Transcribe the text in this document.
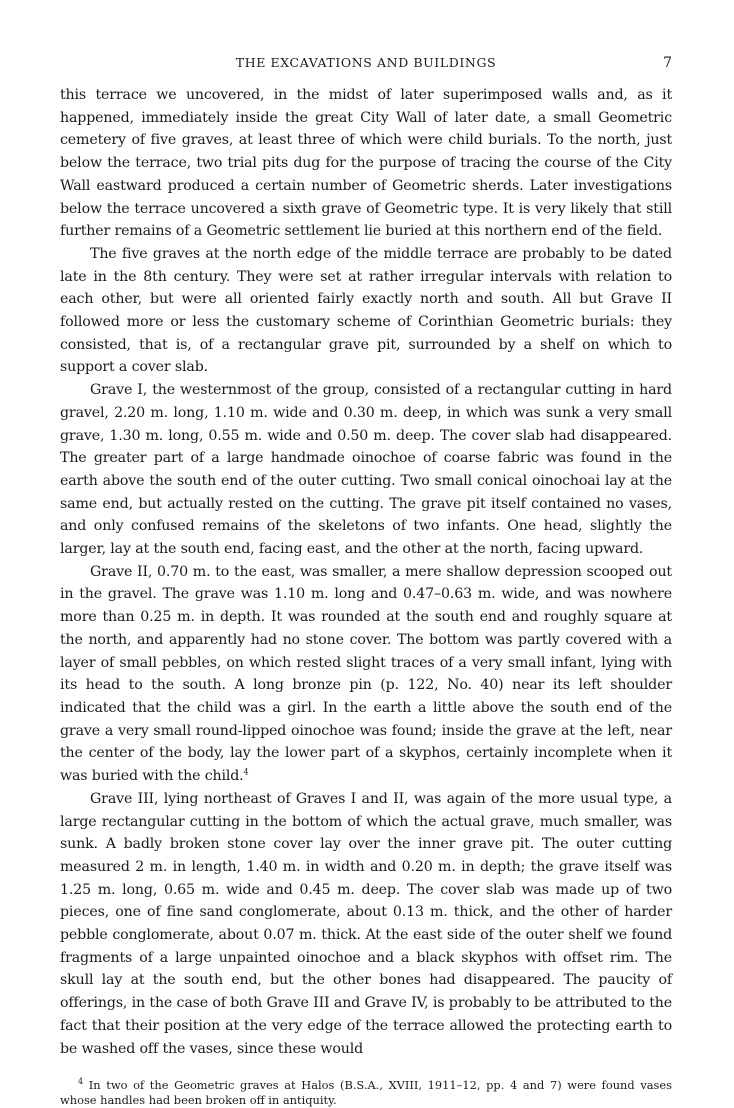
THE EXCAVATIONS AND BUILDINGS	7

this terrace we uncovered, in the midst of later superimposed walls and, as it happened, immediately inside the great City Wall of later date, a small Geometric cemetery of five graves, at least three of which were child burials. To the north, just below the terrace, two trial pits dug for the purpose of tracing the course of the City Wall eastward produced a certain number of Geometric sherds. Later investigations below the terrace uncovered a sixth grave of Geometric type. It is very likely that still further remains of a Geometric settlement lie buried at this northern end of the field.

The five graves at the north edge of the middle terrace are probably to be dated late in the 8th century. They were set at rather irregular intervals with relation to each other, but were all oriented fairly exactly north and south. All but Grave II followed more or less the customary scheme of Corinthian Geometric burials: they consisted, that is, of a rectangular grave pit, surrounded by a shelf on which to support a cover slab.

Grave I, the westernmost of the group, consisted of a rectangular cutting in hard gravel, 2.20 m. long, 1.10 m. wide and 0.30 m. deep, in which was sunk a very small grave, 1.30 m. long, 0.55 m. wide and 0.50 m. deep. The cover slab had disappeared. The greater part of a large handmade oinochoe of coarse fabric was found in the earth above the south end of the outer cutting. Two small conical oinochoai lay at the same end, but actually rested on the cutting. The grave pit itself contained no vases, and only confused remains of the skeletons of two infants. One head, slightly the larger, lay at the south end, facing east, and the other at the north, facing upward.

Grave II, 0.70 m. to the east, was smaller, a mere shallow depression scooped out in the gravel. The grave was 1.10 m. long and 0.47–0.63 m. wide, and was nowhere more than 0.25 m. in depth. It was rounded at the south end and roughly square at the north, and apparently had no stone cover. The bottom was partly covered with a layer of small pebbles, on which rested slight traces of a very small infant, lying with its head to the south. A long bronze pin (p. 122, No. 40) near its left shoulder indicated that the child was a girl. In the earth a little above the south end of the grave a very small round-lipped oinochoe was found; inside the grave at the left, near the center of the body, lay the lower part of a skyphos, certainly incomplete when it was buried with the child.$^4$

Grave III, lying northeast of Graves I and II, was again of the more usual type, a large rectangular cutting in the bottom of which the actual grave, much smaller, was sunk. A badly broken stone cover lay over the inner grave pit. The outer cutting measured 2 m. in length, 1.40 m. in width and 0.20 m. in depth; the grave itself was 1.25 m. long, 0.65 m. wide and 0.45 m. deep. The cover slab was made up of two pieces, one of fine sand conglomerate, about 0.13 m. thick, and the other of harder pebble conglomerate, about 0.07 m. thick. At the east side of the outer shelf we found fragments of a large unpainted oinochoe and a black skyphos with offset rim. The skull lay at the south end, but the other bones had disappeared. The paucity of offerings, in the case of both Grave III and Grave IV, is probably to be attributed to the fact that their position at the very edge of the terrace allowed the protecting earth to be washed off the vases, since these would

$^4$ In two of the Geometric graves at Halos (B.S.A., XVIII, 1911–12, pp. 4 and 7) were found vases whose handles had been broken off in antiquity.
